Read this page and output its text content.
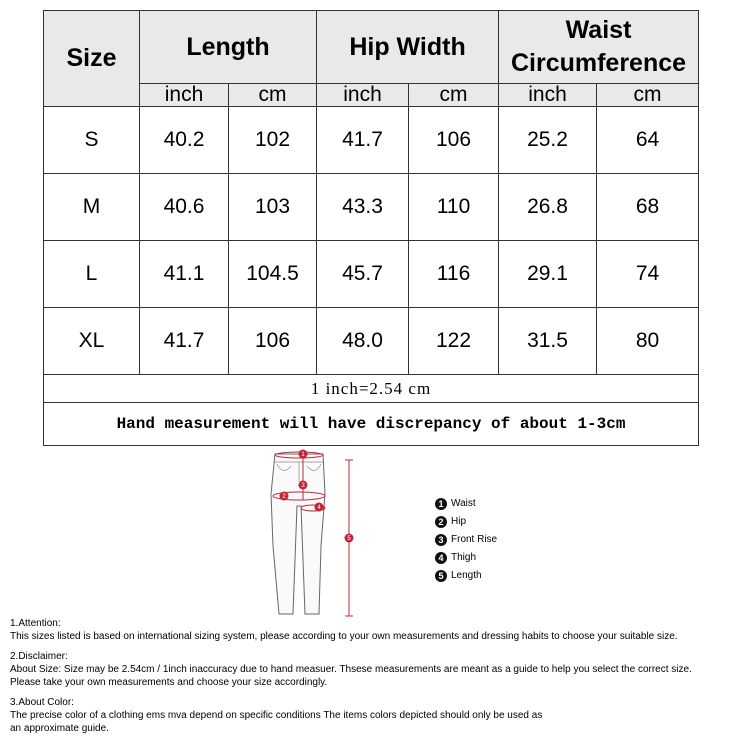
Size	Length		Hip Width		Waist Circumference	
	inch	cm	inch	cm	inch	cm
S	40.2	102	41.7	106	25.2	64
M	40.6	103	43.3	110	26.8	68
L	41.1	104.5	45.7	116	29.1	74
XL	41.7	106	48.0	122	31.5	80
1 inch=2.54 cm						
Hand measurement will have discrepancy of about 1-3cm						
1
2
3
4
5
1 Waist
2 Hip
3 Front Rise
4 Thigh
5 Length

1.Attention:

This sizes listed is based on international sizing system, please according to your own measurements and dressing habits to choose your suitable size.

2.Disclaimer:

About Size: Size may be 2.54cm / 1inch inaccuracy due to hand measuer. Thsese measurements are meant as a guide to help you select the correct size.

Please take your own measurements and choose your size accordingly.

3.About Color:

The precise color of a clothing ems mva depend on specific conditions The items colors depicted should only be used as

an approximate guide.
